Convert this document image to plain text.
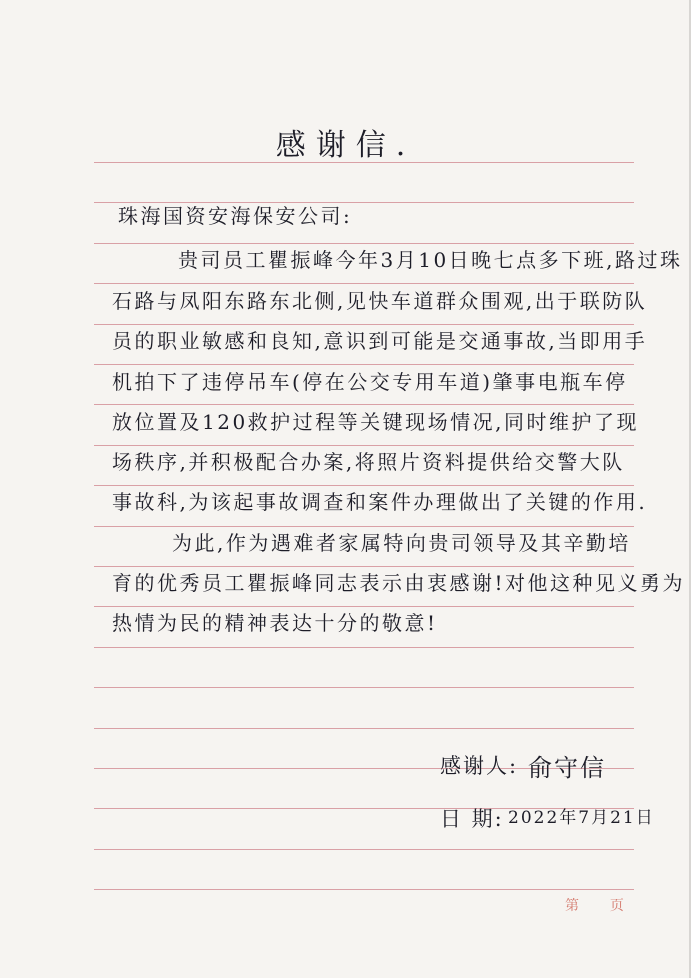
感谢信.
珠海国资安海保安公司:
贵司员工瞿振峰今年3月10日晚七点多下班,路过珠
石路与凤阳东路东北侧,见快车道群众围观,出于联防队
员的职业敏感和良知,意识到可能是交通事故,当即用手
机拍下了违停吊车(停在公交专用车道)肇事电瓶车停
放位置及120救护过程等关键现场情况,同时维护了现
场秩序,并积极配合办案,将照片资料提供给交警大队
事故科,为该起事故调查和案件办理做出了关键的作用.
为此,作为遇难者家属特向贵司领导及其辛勤培
育的优秀员工瞿振峰同志表示由衷感谢!对他这种见义勇为
热情为民的精神表达十分的敬意!
感谢人: 俞守信
日 期: 2022年7月21日
第 页
